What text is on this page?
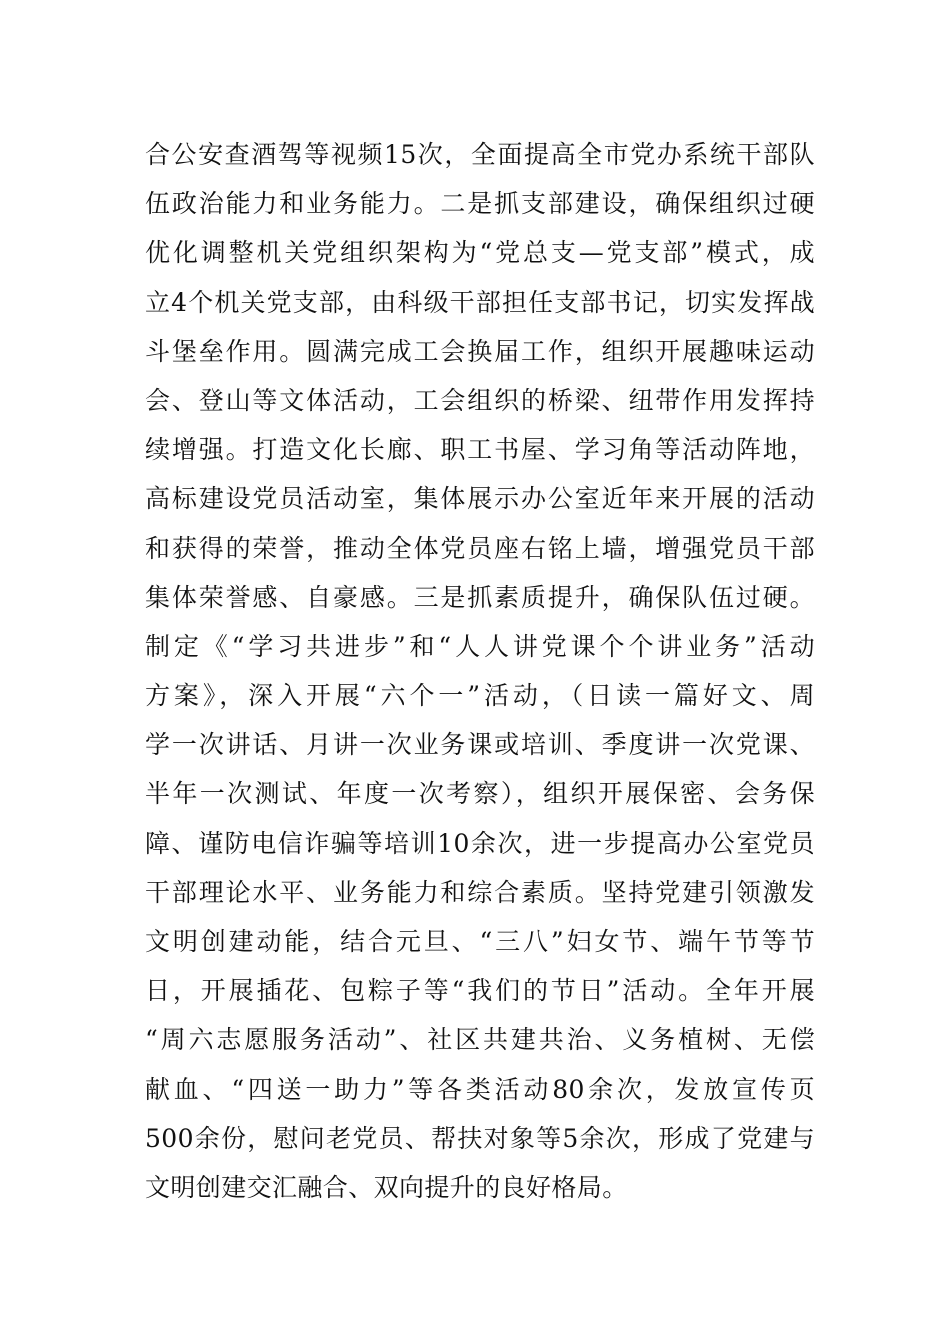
合公安查酒驾等视频15次，全面提高全市党办系统干部队
伍政治能力和业务能力。二是抓支部建设，确保组织过硬
优化调整机关党组织架构为“党总支—党支部”模式，成
立4个机关党支部，由科级干部担任支部书记，切实发挥战
斗堡垒作用。圆满完成工会换届工作，组织开展趣味运动
会、登山等文体活动，工会组织的桥梁、纽带作用发挥持
续增强。打造文化长廊、职工书屋、学习角等活动阵地，
高标建设党员活动室，集体展示办公室近年来开展的活动
和获得的荣誉，推动全体党员座右铭上墙，增强党员干部
集体荣誉感、自豪感。三是抓素质提升，确保队伍过硬。
制定《“学习共进步”和“人人讲党课个个讲业务”活动
方案》，深入开展“六个一”活动，（日读一篇好文、周
学一次讲话、月讲一次业务课或培训、季度讲一次党课、
半年一次测试、年度一次考察），组织开展保密、会务保
障、谨防电信诈骗等培训10余次，进一步提高办公室党员
干部理论水平、业务能力和综合素质。坚持党建引领激发
文明创建动能，结合元旦、“三八”妇女节、端午节等节
日，开展插花、包粽子等“我们的节日”活动。全年开展
“周六志愿服务活动”、社区共建共治、义务植树、无偿
献血、“四送一助力”等各类活动80余次，发放宣传页
500余份，慰问老党员、帮扶对象等5余次，形成了党建与
文明创建交汇融合、双向提升的良好格局。
